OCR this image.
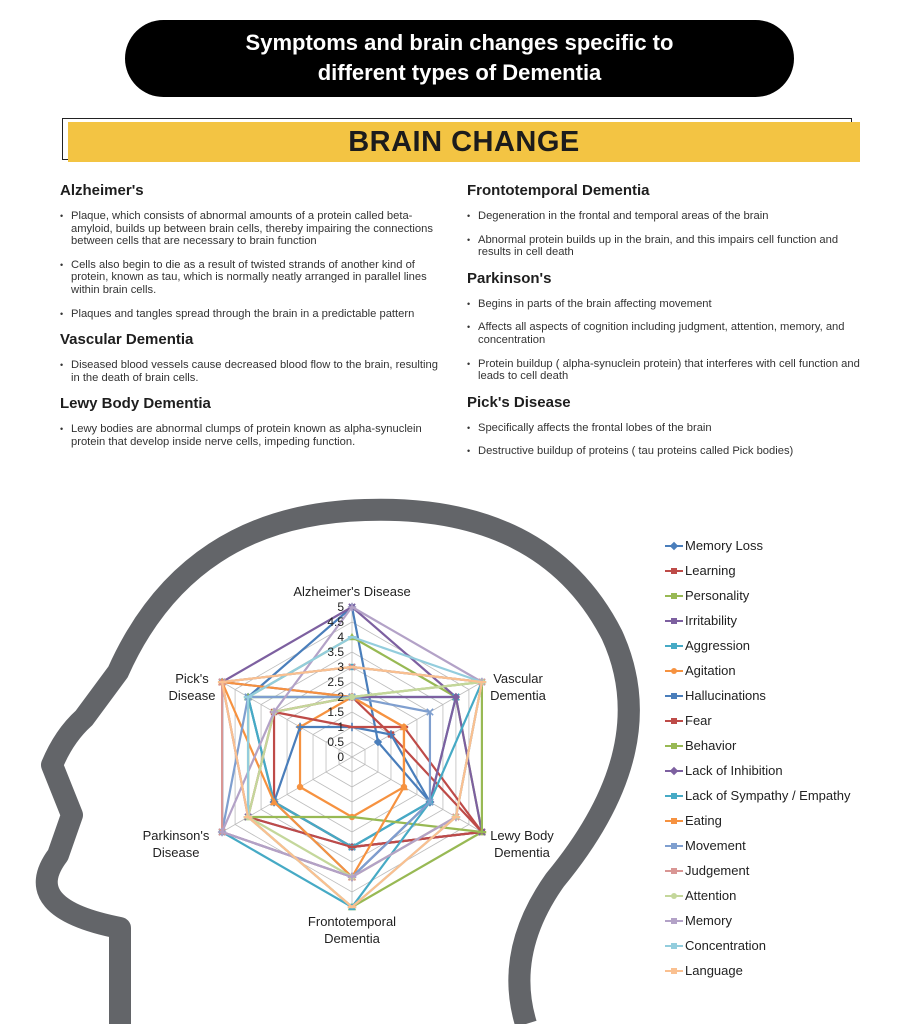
Symptoms and brain changes specific to
different types of Dementia
BRAIN CHANGE
Alzheimer's
• Plaque, which consists of abnormal amounts of a protein called beta-amyloid, builds up between brain cells, thereby impairing the connections between cells that are necessary to brain function
• Cells also begin to die as a result of twisted strands of another kind of protein, known as tau, which is normally neatly arranged in parallel lines within brain cells.
• Plaques and tangles spread through the brain in a predictable pattern
Vascular Dementia
• Diseased blood vessels cause decreased blood flow to the brain, resulting in the death of brain cells.
Lewy Body Dementia
• Lewy bodies are abnormal clumps of protein known as alpha-synuclein protein that develop inside nerve cells, impeding function.
Frontotemporal Dementia
• Degeneration in the frontal and temporal areas of the brain
• Abnormal protein builds up in the brain, and this impairs cell function and results in cell death
Parkinson's
• Begins in parts of the brain affecting movement
• Affects all aspects of cognition including judgment, attention, memory, and concentration
• Protein buildup ( alpha-synuclein protein) that interferes with cell function and leads to cell death
Pick's Disease
• Specifically affects the frontal lobes of the brain
• Destructive buildup of proteins ( tau proteins called Pick bodies)
0
0.5
1
1.5
2
2.5
3
3.5
4
4.5
5
Alzheimer's Disease
Vascular Dementia
Lewy Body Dementia
Frontotemporal Dementia
Parkinson's Disease
Pick's Disease
Memory Loss
Learning
Personality
Irritability
Aggression
Agitation
Hallucinations
Fear
Behavior
Lack of Inhibition
Lack of Sympathy / Empathy
Eating
Movement
Judgement
Attention
Memory
Concentration
Language
